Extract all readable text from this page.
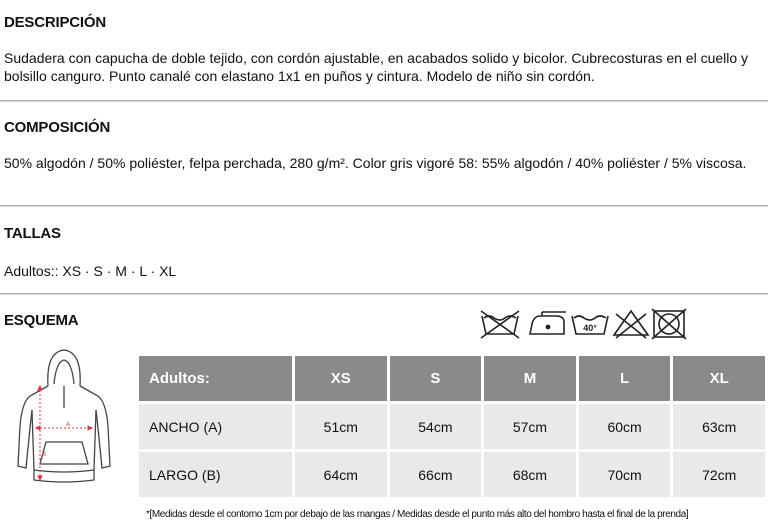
DESCRIPCIÓN
Sudadera con capucha de doble tejido, con cordón ajustable, en acabados solido y bicolor. Cubrecosturas en el cuello y bolsillo canguro. Punto canalé con elastano 1x1 en puños y cintura. Modelo de niño sin cordón.
COMPOSICIÓN
50% algodón / 50% poliéster, felpa perchada, 280 g/m². Color gris vigoré 58: 55% algodón / 40% poliéster / 5% viscosa.
TALLAS
Adultos:: XS · S · M · L · XL
ESQUEMA	40°
A
B
Adultos:	XS	S	M	L	XL
ANCHO (A)	51cm	54cm	57cm	60cm	63cm
LARGO (B)	64cm	66cm	68cm	70cm	72cm
*[Medidas desde el contorno 1cm por debajo de las mangas / Medidas desde el punto más alto del hombro hasta el final de la prenda]
